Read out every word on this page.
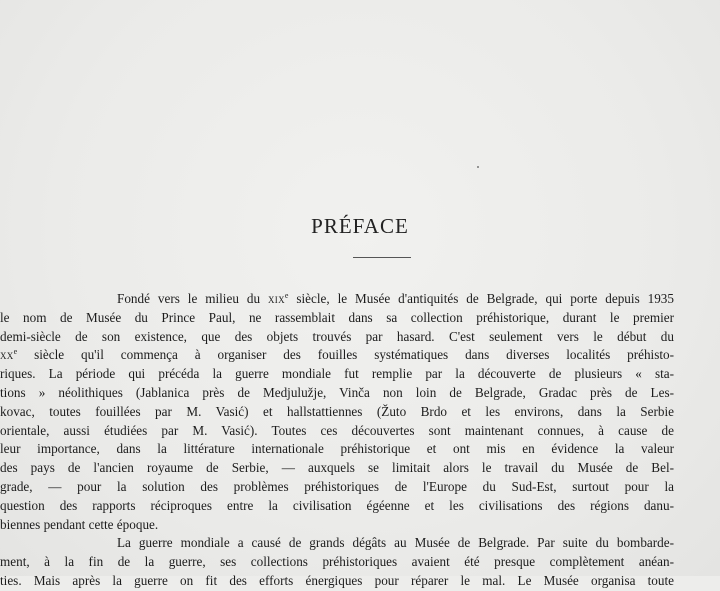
PRÉFACE
Fondé vers le milieu du xix$^e$ siècle, le Musée d'antiquités de Belgrade, qui porte depuis 1935
le nom de Musée du Prince Paul, ne rassemblait dans sa collection préhistorique, durant le premier
demi-siècle de son existence, que des objets trouvés par hasard. C'est seulement vers le début du
$xx^e$ siècle qu'il commença à organiser des fouilles systématiques dans diverses localités préhisto-
riques. La période qui précéda la guerre mondiale fut remplie par la découverte de plusieurs « sta-
tions » néolithiques (Jablanica près de Medjulužje, Vinča non loin de Belgrade, Gradac près de Les-
kovac, toutes fouillées par M. Vasić) et hallstattiennes (Žuto Brdo et les environs, dans la Serbie
orientale, aussi étudiées par M. Vasić). Toutes ces découvertes sont maintenant connues, à cause de
leur importance, dans la littérature internationale préhistorique et ont mis en évidence la valeur
des pays de l'ancien royaume de Serbie, — auxquels se limitait alors le travail du Musée de Bel-
grade, — pour la solution des problèmes préhistoriques de l'Europe du Sud-Est, surtout pour la
question des rapports réciproques entre la civilisation égéenne et les civilisations des régions danu-
biennes pendant cette époque.
La guerre mondiale a causé de grands dégâts au Musée de Belgrade. Par suite du bombarde-
ment, à la fin de la guerre, ses collections préhistoriques avaient été presque complètement anéan-
ties. Mais après la guerre on fit des efforts énergiques pour réparer le mal. Le Musée organisa toute
